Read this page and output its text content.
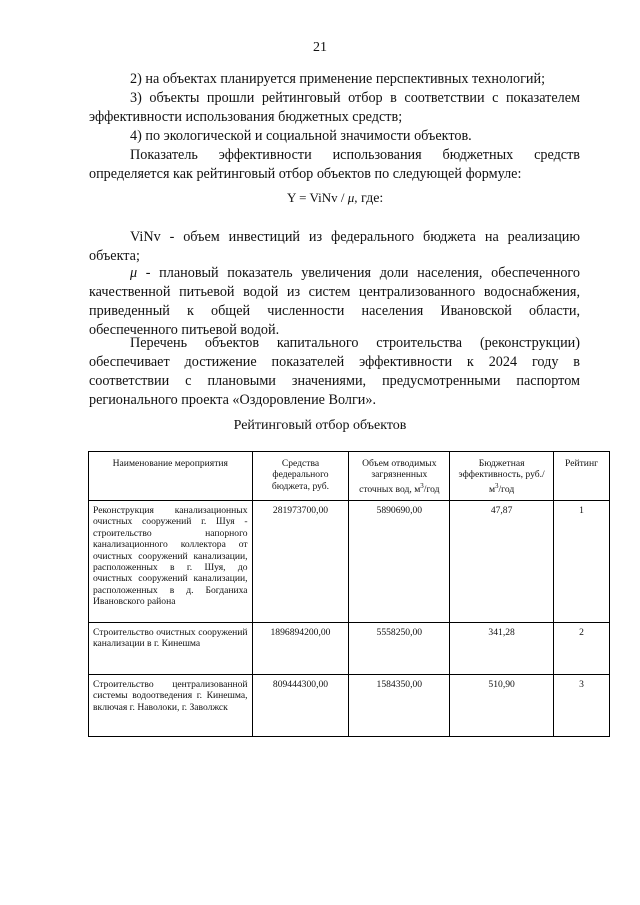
21

2) на объектах планируется применение перспективных технологий;

3) объекты прошли рейтинговый отбор в соответствии с показателем эффективности использования бюджетных средств;

4) по экологической и социальной значимости объектов.

Показатель эффективности использования бюджетных средств определяется как рейтинговый отбор объектов по следующей формуле:

Y = ViNv / μ, где:

ViNv - объем инвестиций из федерального бюджета на реализацию объекта;

μ - плановый показатель увеличения доли населения, обеспеченного качественной питьевой водой из систем централизованного водоснабжения, приведенный к общей численности населения Ивановской области, обеспеченного питьевой водой.

Перечень объектов капитального строительства (реконструкции) обеспечивает достижение показателей эффективности к 2024 году в соответствии с плановыми значениями, предусмотренными паспортом регионального проекта «Оздоровление Волги».

Рейтинговый отбор объектов
Наименование мероприятия	Средства федерального бюджета, руб.	Объем отводимых загрязненных сточных вод, $м^3$/год	Бюджетная эффективность, руб./ $м^3$/год	Рейтинг
Реконструкция канализационных очистных сооружений г. Шуя - строительство напорного канализационного коллектора от очистных сооружений канализации, расположенных в г. Шуя, до очистных сооружений канализации, расположенных в д. Богданиха Ивановского района	281973700,00	5890690,00	47,87	1
Строительство очистных сооружений канализации в г. Кинешма	1896894200,00	5558250,00	341,28	2
Строительство централизованной системы водоотведения г. Кинешма, включая г. Наволоки, г. Заволжск	809444300,00	1584350,00	510,90	3
